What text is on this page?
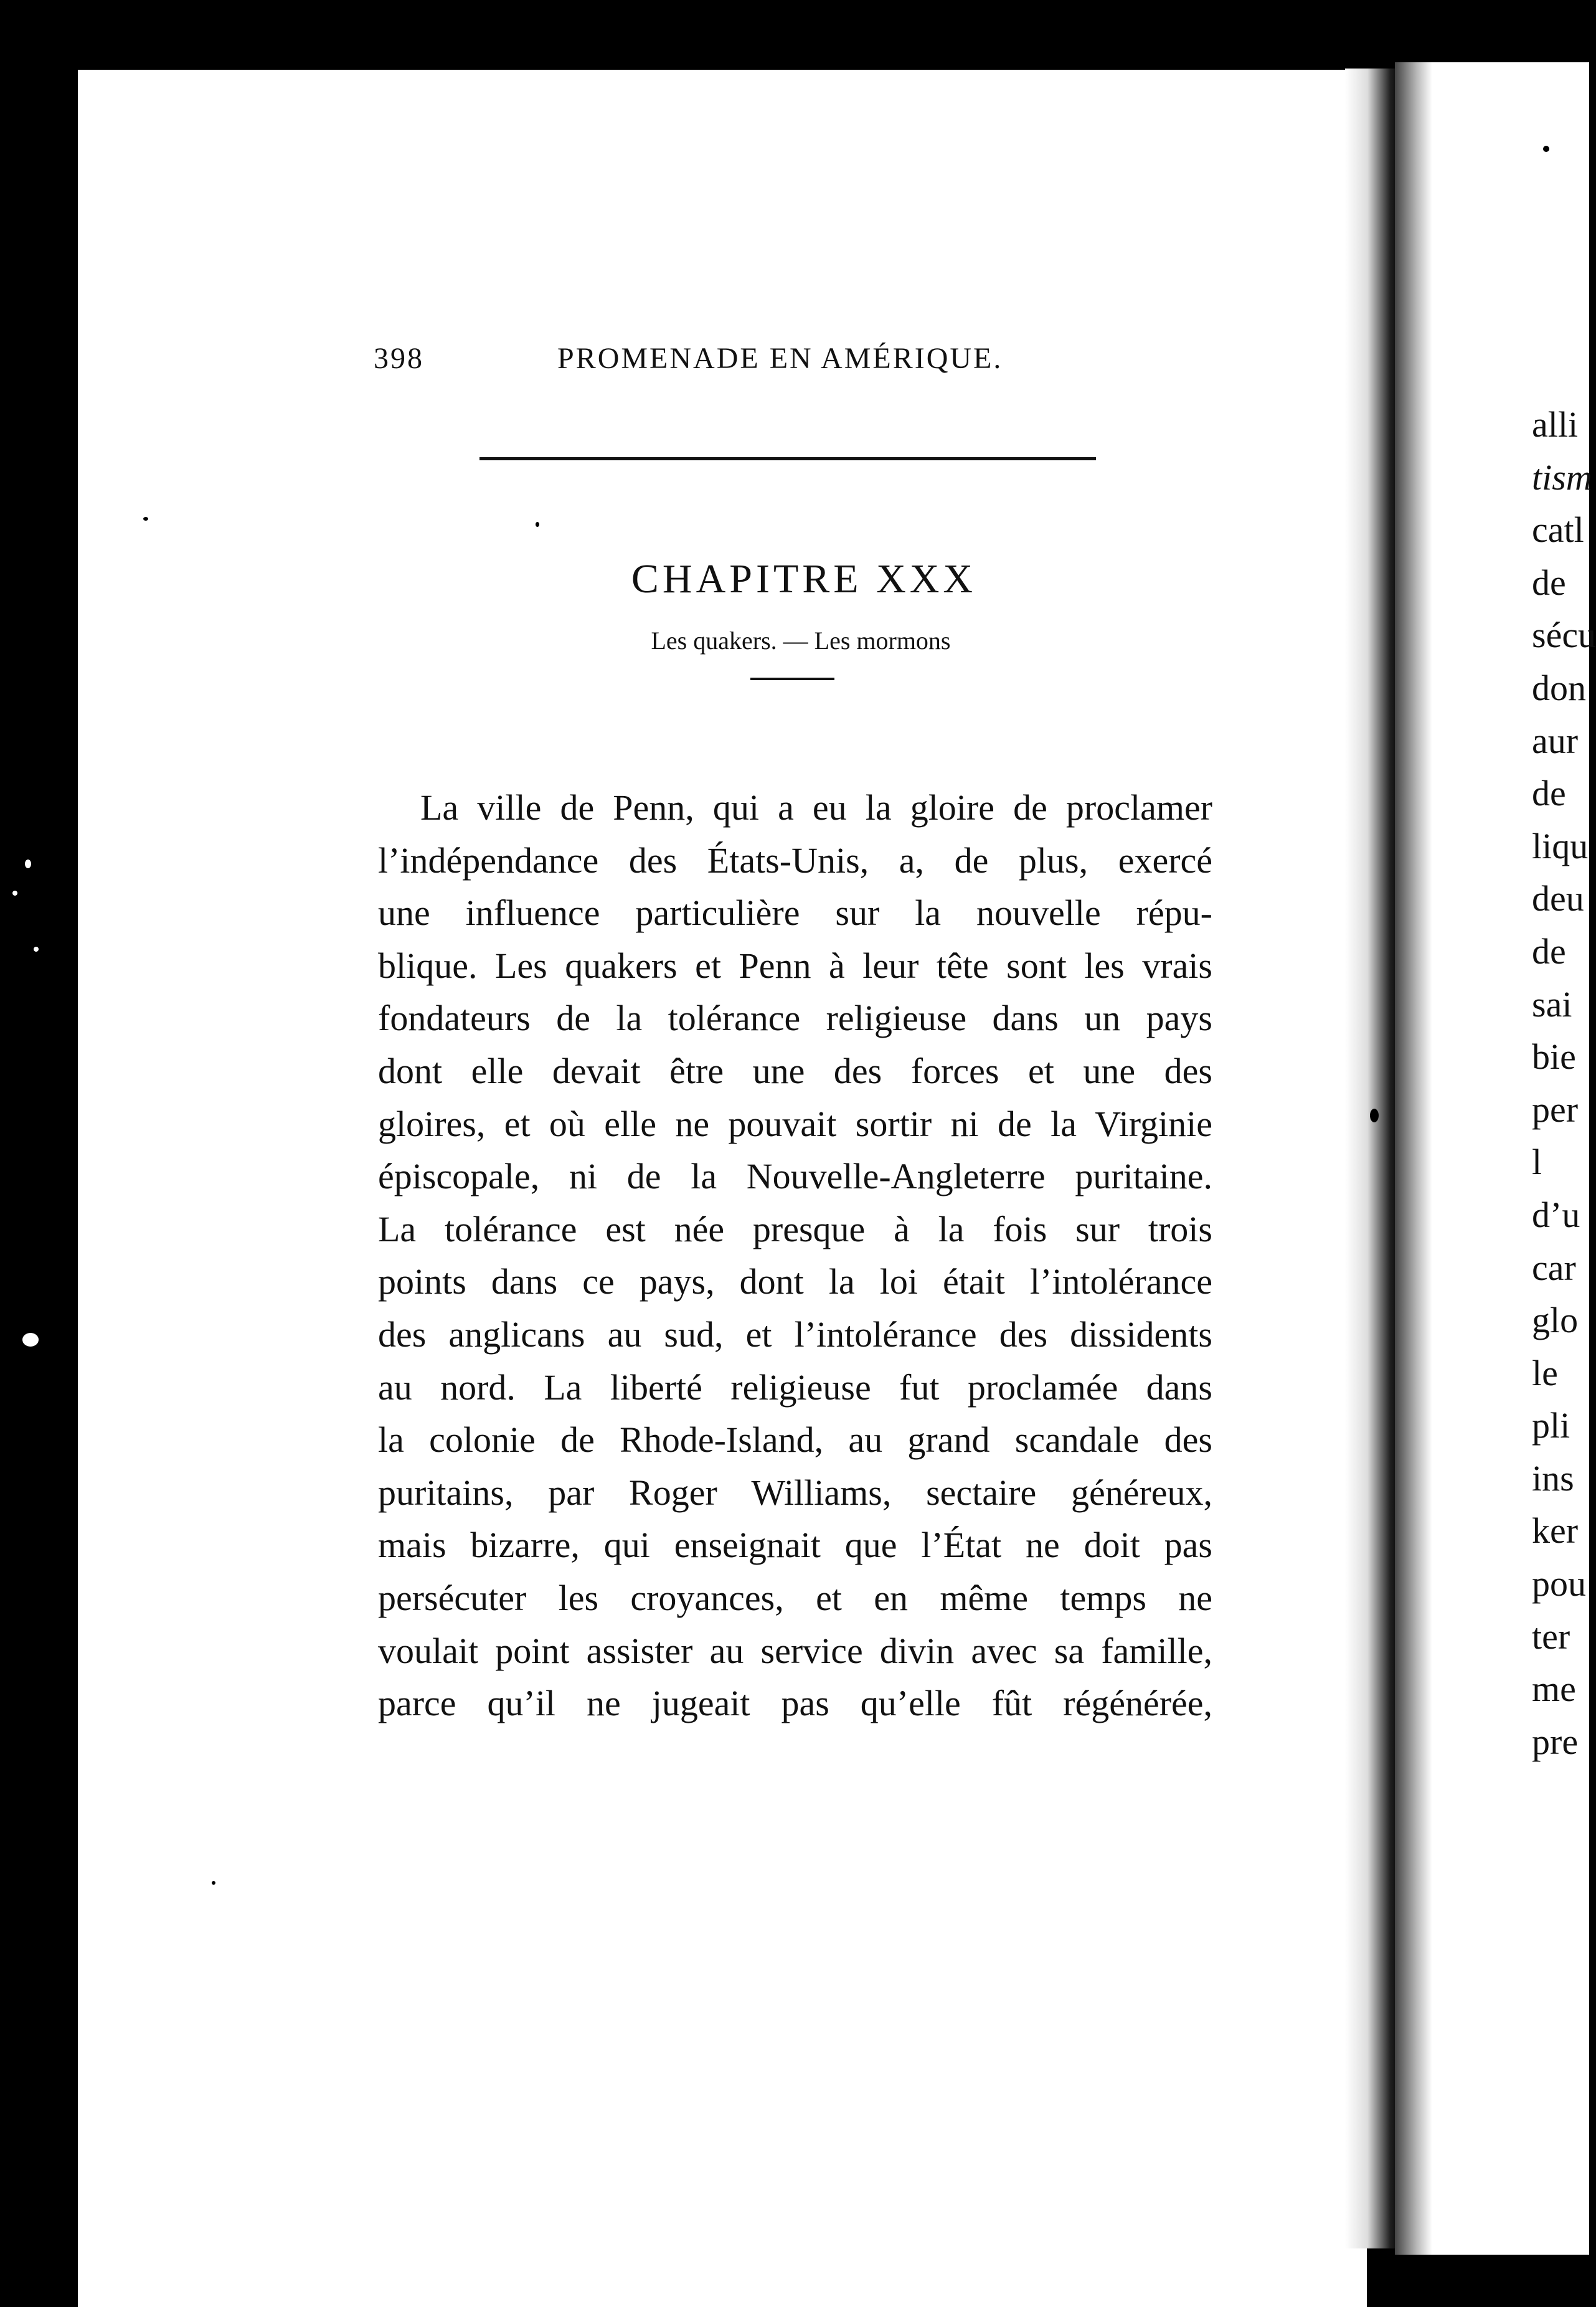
398	PROMENADE EN AMÉRIQUE.
CHAPITRE XXX
Les quakers. — Les mormons
La ville de Penn, qui a eu la gloire de proclamer
l’indépendance des États-Unis, a, de plus, exercé
une influence particulière sur la nouvelle répu-
blique. Les quakers et Penn à leur tête sont les vrais
fondateurs de la tolérance religieuse dans un pays
dont elle devait être une des forces et une des
gloires, et où elle ne pouvait sortir ni de la Virginie
épiscopale, ni de la Nouvelle-Angleterre puritaine.
La tolérance est née presque à la fois sur trois
points dans ce pays, dont la loi était l’intolérance
des anglicans au sud, et l’intolérance des dissidents
au nord. La liberté religieuse fut proclamée dans
la colonie de Rhode-Island, au grand scandale des
puritains, par Roger Williams, sectaire généreux,
mais bizarre, qui enseignait que l’État ne doit pas
persécuter les croyances, et en même temps ne
voulait point assister au service divin avec sa famille,
parce qu’il ne jugeait pas qu’elle fût régénérée,
alli
tism
catl
de
sécu
don
aur
de
liqu
deu
de
sai
bie
per
l
d’u
car
glo
le
pli
ins
ker
pou
ter
me
pre
